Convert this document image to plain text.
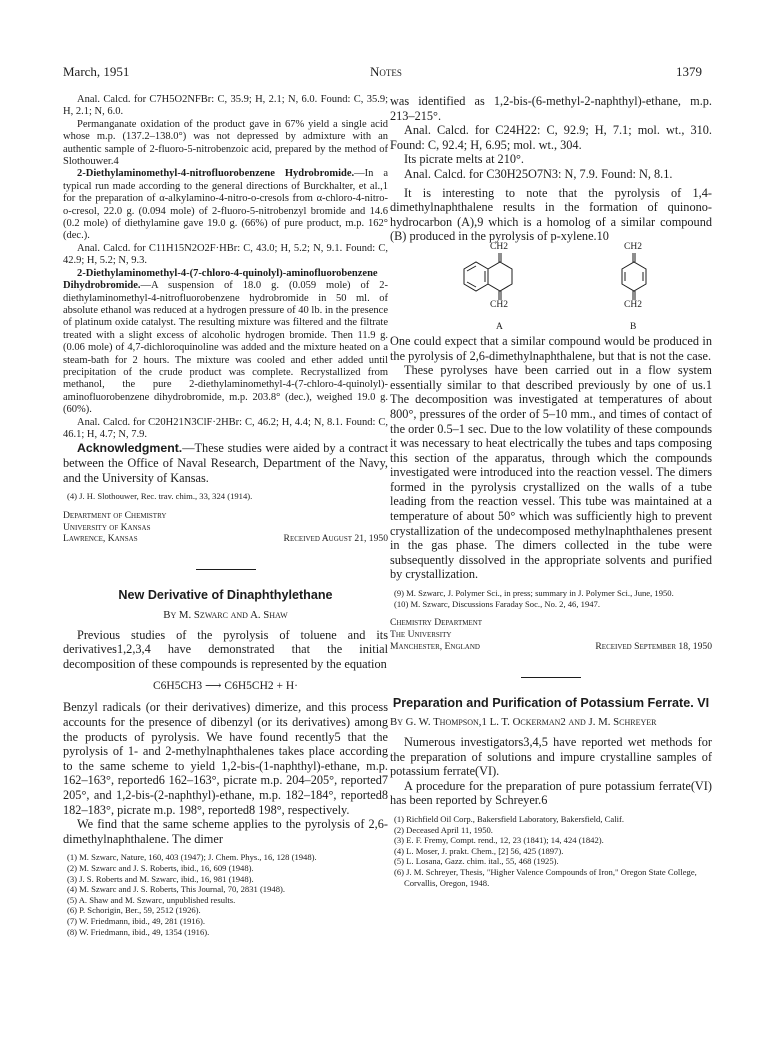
March, 1951	Notes	1379

Anal. Calcd. for C7H5O2NFBr: C, 35.9; H, 2.1; N, 6.0. Found: C, 35.9; H, 2.1; N, 6.0.

Permanganate oxidation of the product gave in 67% yield a single acid whose m.p. (137.2–138.0°) was not depressed by admixture with an authentic sample of 2-fluoro-5-nitrobenzoic acid, prepared by the method of Slothouwer.4

2-Diethylaminomethyl-4-nitrofluorobenzene Hydrobromide.—In a typical run made according to the general directions of Burckhalter, et al.,1 for the preparation of α-alkylamino-4-nitro-o-cresols from α-chloro-4-nitro-o-cresol, 22.0 g. (0.094 mole) of 2-fluoro-5-nitrobenzyl bromide and 14.6 (0.2 mole) of diethylamine gave 19.0 g. (66%) of pure product, m.p. 162° (dec.).

Anal. Calcd. for C11H15N2O2F·HBr: C, 43.0; H, 5.2; N, 9.1. Found: C, 42.9; H, 5.2; N, 9.3.

2-Diethylaminomethyl-4-(7-chloro-4-quinolyl)-aminofluorobenzene Dihydrobromide.—A suspension of 18.0 g. (0.059 mole) of 2-diethylaminomethyl-4-nitrofluorobenzene hydrobromide in 50 ml. of absolute ethanol was reduced at a hydrogen pressure of 40 lb. in the presence of platinum oxide catalyst. The resulting mixture was filtered and the filtrate treated with a slight excess of alcoholic hydrogen bromide. Then 11.9 g. (0.06 mole) of 4,7-dichloroquinoline was added and the mixture heated on a steam-bath for 2 hours. The mixture was cooled and ether added until precipitation of the crude product was complete. Recrystallized from methanol, the pure 2-diethylaminomethyl-4-(7-chloro-4-quinolyl)-aminofluorobenzene dihydrobromide, m.p. 203.8° (dec.), weighed 19.0 g. (60%).

Anal. Calcd. for C20H21N3ClF·2HBr: C, 46.2; H, 4.4; N, 8.1. Found: C, 46.1; H, 4.7; N, 7.9.

Acknowledgment.—These studies were aided by a contract between the Office of Naval Research, Department of the Navy, and the University of Kansas.

(4) J. H. Slothouwer, Rec. trav. chim., 33, 324 (1914).

Department of Chemistry
University of Kansas
Lawrence, Kansas	Received August 21, 1950

New Derivative of Dinaphthylethane

By M. Szwarc and A. Shaw

Previous studies of the pyrolysis of toluene and its derivatives1,2,3,4 have demonstrated that the initial decomposition of these compounds is represented by the equation

C6H5CH3 ⟶ C6H5CH2 + H·

Benzyl radicals (or their derivatives) dimerize, and this process accounts for the presence of dibenzyl (or its derivatives) among the products of pyrolysis. We have found recently5 that the pyrolysis of 1- and 2-methylnaphthalenes takes place according to the same scheme to yield 1,2-bis-(1-naphthyl)-ethane, m.p. 162–163°, reported6 162–163°, picrate m.p. 204–205°, reported7 205°, and 1,2-bis-(2-naphthyl)-ethane, m.p. 182–184°, reported8 182–183°, picrate m.p. 198°, reported8 198°, respectively.

We find that the same scheme applies to the pyrolysis of 2,6-dimethylnaphthalene. The dimer

(1) M. Szwarc, Nature, 160, 403 (1947); J. Chem. Phys., 16, 128 (1948).
(2) M. Szwarc and J. S. Roberts, ibid., 16, 609 (1948).
(3) J. S. Roberts and M. Szwarc, ibid., 16, 981 (1948).
(4) M. Szwarc and J. S. Roberts, This Journal, 70, 2831 (1948).
(5) A. Shaw and M. Szwarc, unpublished results.
(6) P. Schorigin, Ber., 59, 2512 (1926).
(7) W. Friedmann, ibid., 49, 281 (1916).
(8) W. Friedmann, ibid., 49, 1354 (1916).

was identified as 1,2-bis-(6-methyl-2-naphthyl)-ethane, m.p. 213–215°.

Anal. Calcd. for C24H22: C, 92.9; H, 7.1; mol. wt., 310. Found: C, 92.4; H, 6.95; mol. wt., 304.

Its picrate melts at 210°.

Anal. Calcd. for C30H25O7N3: N, 7.9. Found: N, 8.1.

It is interesting to note that the pyrolysis of 1,4-dimethylnaphthalene results in the formation of quinono-hydrocarbon (A),9 which is a homolog of a similar compound (B) produced in the pyrolysis of p-xylene.10

CH2	CH2
CH2	CH2
A	B

One could expect that a similar compound would be produced in the pyrolysis of 2,6-dimethylnaphthalene, but that is not the case.

These pyrolyses have been carried out in a flow system essentially similar to that described previously by one of us.1 The decomposition was investigated at temperatures of about 800°, pressures of the order of 5–10 mm., and times of contact of the order 0.5–1 sec. Due to the low volatility of these compounds it was necessary to heat electrically the tubes and taps composing this section of the apparatus, through which the compounds investigated were introduced into the reaction vessel. The dimers formed in the pyrolysis crystallized on the walls of a tube leading from the reaction vessel. This tube was maintained at a temperature of about 50° which was sufficiently high to prevent crystallization of the undecomposed methylnaphthalenes present in the gas phase. The dimers collected in the tube were subsequently dissolved in the appropriate solvents and purified by crystallization.

(9) M. Szwarc, J. Polymer Sci., in press; summary in J. Polymer Sci., June, 1950.
(10) M. Szwarc, Discussions Faraday Soc., No. 2, 46, 1947.
Chemistry Department
The University
Manchester, England	Received September 18, 1950

Preparation and Purification of Potassium Ferrate. VI

By G. W. Thompson,1 L. T. Ockerman2 and J. M. Schreyer

Numerous investigators3,4,5 have reported wet methods for the preparation of solutions and impure crystalline samples of potassium ferrate(VI).

A procedure for the preparation of pure potassium ferrate(VI) has been reported by Schreyer.6

(1) Richfield Oil Corp., Bakersfield Laboratory, Bakersfield, Calif.
(2) Deceased April 11, 1950.
(3) E. F. Fremy, Compt. rend., 12, 23 (1841); 14, 424 (1842).
(4) L. Moser, J. prakt. Chem., [2] 56, 425 (1897).
(5) L. Losana, Gazz. chim. ital., 55, 468 (1925).
(6) J. M. Schreyer, Thesis, "Higher Valence Compounds of Iron," Oregon State College, Corvallis, Oregon, 1948.
